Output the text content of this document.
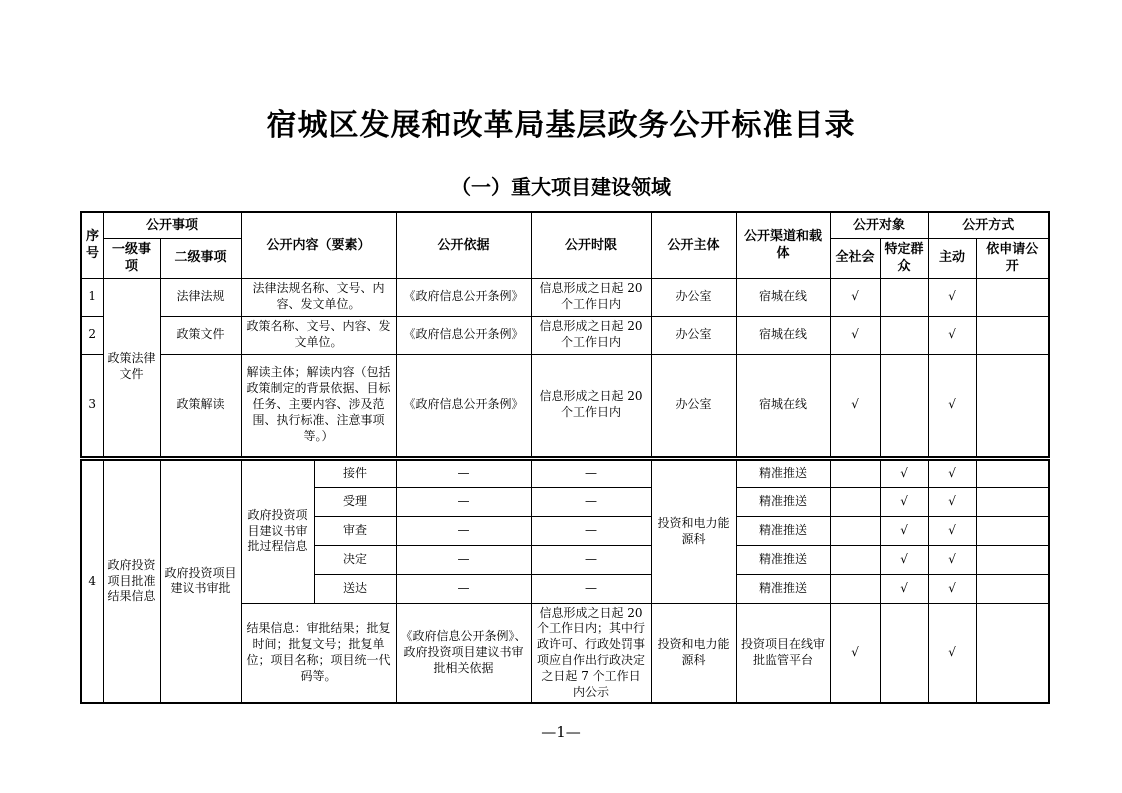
宿城区发展和改革局基层政务公开标准目录
（一）重大项目建设领域
序号	公开事项		公开内容（要素）		公开依据	公开时限	公开主体	公开渠道和载体	公开对象		公开方式	
	一级事项	二级事项							全社会	特定群众	主动	依申请公开
1	政策法律文件	法律法规	法律法规名称、文号、内容、发文单位。		《政府信息公开条例》	信息形成之日起 20 个工作日内	办公室	宿城在线	√		√	
2		政策文件	政策名称、文号、内容、发文单位。		《政府信息公开条例》	信息形成之日起 20 个工作日内	办公室	宿城在线	√		√	
3		政策解读	解读主体；解读内容（包括政策制定的背景依据、目标任务、主要内容、涉及范围、执行标准、注意事项等。）		《政府信息公开条例》	信息形成之日起 20 个工作日内	办公室	宿城在线	√		√	
4	政府投资项目批准结果信息	政府投资项目建议书审批	政府投资项目建议书审批过程信息	接件	—	—	投资和电力能源科	精准推送		√	√	
				受理	—	—		精准推送		√	√	
				审查	—	—		精准推送		√	√	
				决定	—	—		精准推送		√	√	
				送达	—	—		精准推送		√	√	
			结果信息：审批结果；批复时间；批复文号；批复单位；项目名称；项目统一代码等。		《政府信息公开条例》、政府投资项目建议书审批相关依据	信息形成之日起 20 个工作日内；其中行政许可、行政处罚事项应自作出行政决定之日起 7 个工作日内公示	投资和电力能源科	投资项目在线审批监管平台	√		√	
—1—
